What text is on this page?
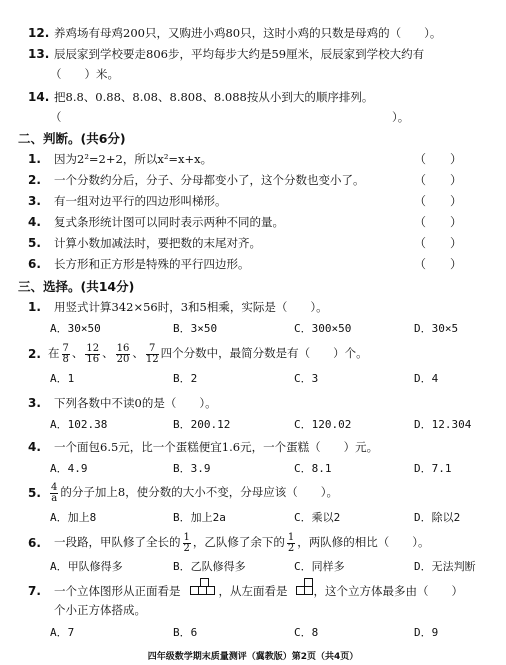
12. 养鸡场有母鸡200只，又购进小鸡80只，这时小鸡的只数是母鸡的（　　）。
13. 辰辰家到学校要走806步，平均每步大约是59厘米，辰辰家到学校大约有
（　　）米。
14. 把8.8、0.88、8.08、8.808、8.088按从小到大的顺序排列。
（	）。
二、判断。(共6分)
1. 因为2²=2+2，所以x²=x+x。	（　　）
2. 一个分数约分后，分子、分母都变小了，这个分数也变小了。	（　　）
3. 有一组对边平行的四边形叫梯形。	（　　）
4. 复式条形统计图可以同时表示两种不同的量。	（　　）
5. 计算小数加减法时，要把数的末尾对齐。	（　　）
6. 长方形和正方形是特殊的平行四边形。	（　　）
三、选择。(共14分)
1. 用竖式计算342×56时，3和5相乘，实际是（　　）。
A．30×50	B．3×50	C．300×50	D．30×5
2. 在 $\frac{7}{8}$ 、 $\frac{12}{16}$ 、 $\frac{16}{20}$ 、 $\frac{7}{12}$ 四个分数中，最简分数是有（　　）个。
A．1	B．2	C．3	D．4
3. 下列各数中不读0的是（　　）。
A．102.38	B．200.12	C．120.02	D．12.304
4. 一个面包6.5元，比一个蛋糕便宜1.6元，一个蛋糕（　　）元。
A．4.9	B．3.9	C．8.1	D．7.1
5. $\frac{4}{a}$ 的分子加上8，使分数的大小不变，分母应该（　　）。
A．加上8	B．加上2a	C．乘以2	D．除以2
6. 一段路，甲队修了全长的 $\frac{1}{2}$ ，乙队修了余下的 $\frac{1}{2}$ ，两队修的相比（　　）。
A．甲队修得多	B．乙队修得多	C．同样多	D．无法判断
7. 一个立体图形从正面看是	，从左面看是 ，这个立方体最多由（　　）
个小正方体搭成。
A．7	B．6	C．8	D．9
四年级数学期末质量测评（冀教版）第2页（共4页）
